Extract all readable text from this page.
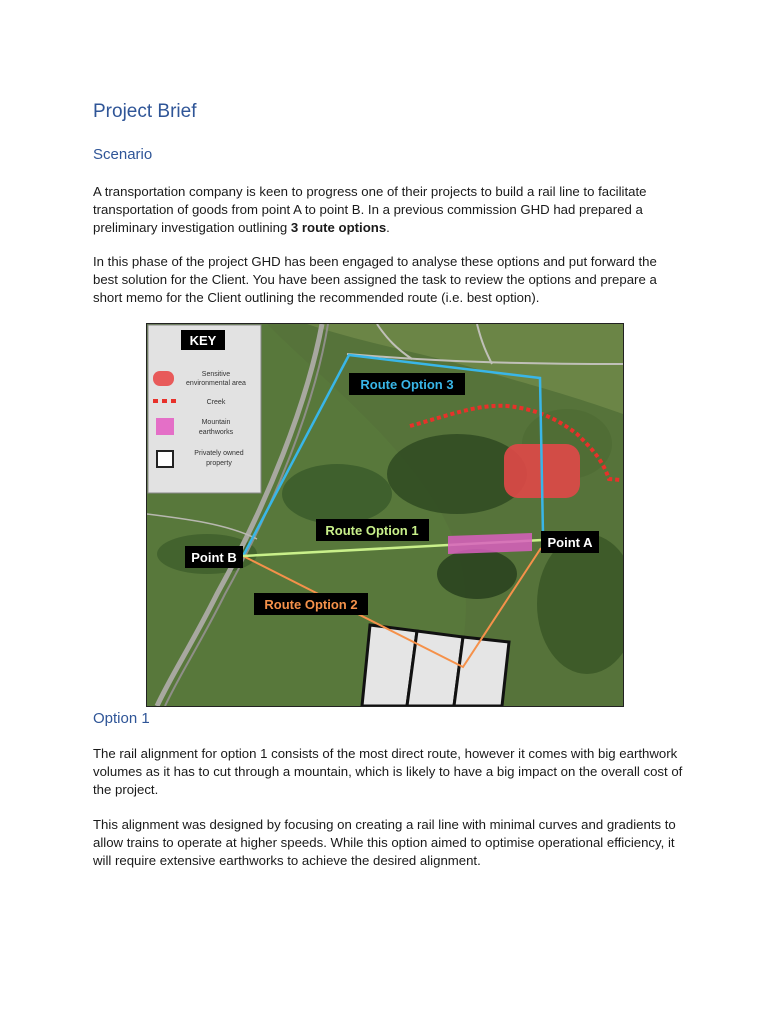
Project Brief
Scenario

A transportation company is keen to progress one of their projects to build a rail line to facilitate transportation of goods from point A to point B. In a previous commission GHD had prepared a preliminary investigation outlining 3 route options.

In this phase of the project GHD has been engaged to analyse these options and put forward the best solution for the Client. You have been assigned the task to review the options and prepare a short memo for the Client outlining the recommended route (i.e. best option).

KEY
Sensitive
environmental area
Creek
Mountain
earthworks
Privately owned
property
Route Option 3
Route Option 1
Route Option 2
Point B
Point A
Option 1

The rail alignment for option 1 consists of the most direct route, however it comes with big earthwork volumes as it has to cut through a mountain, which is likely to have a big impact on the overall cost of the project.

This alignment was designed by focusing on creating a rail line with minimal curves and gradients to allow trains to operate at higher speeds. While this option aimed to optimise operational efficiency, it will require extensive earthworks to achieve the desired alignment.
